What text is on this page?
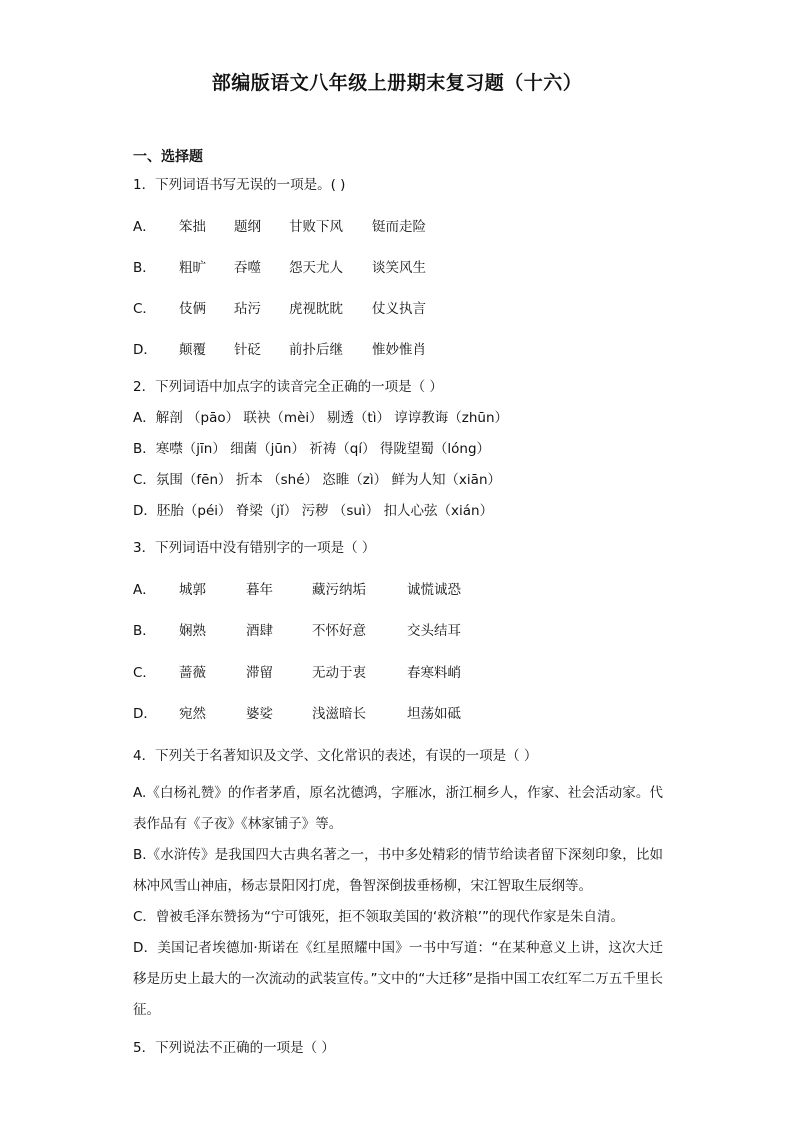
部编版语文八年级上册期末复习题（十六）
一、选择题
1．下列词语书写无误的一项是。( )
A． 笨拙 题纲 甘败下风 铤而走险
B． 粗旷 吞噬 怨天尤人 谈笑风生
C． 伎俩 玷污 虎视眈眈 仗义执言
D． 颠覆 针砭 前扑后继 惟妙惟肖
2．下列词语中加点字的读音完全正确的一项是（ ）
A．解剖 （pāo） 联袂（mèi） 剔透（tì） 谆谆教诲（zhūn）
B．寒噤（jīn） 细菌（jūn） 祈祷（qí） 得陇望蜀（lóng）
C．氛围（fēn） 折本 （shé） 恣睢（zì） 鲜为人知（xiān）
D．胚胎（péi） 脊梁（jǐ） 污秽 （suì） 扣人心弦（xián）
3．下列词语中没有错别字的一项是（ ）
A． 城郭	暮年	藏污纳垢	诚慌诚恐
B． 娴熟	酒肆	不怀好意	交头结耳
C． 蔷薇	滞留	无动于衷	春寒料峭
D． 宛然	婆娑	浅滋暗长	坦荡如砥
4．下列关于名著知识及文学、文化常识的表述，有误的一项是（ ）
A.《白杨礼赞》的作者茅盾，原名沈德鸿，字雁冰，浙江桐乡人，作家、社会活动家。代表作品有《子夜》《林家铺子》等。
B.《水浒传》是我国四大古典名著之一，书中多处精彩的情节给读者留下深刻印象，比如林冲风雪山神庙，杨志景阳冈打虎，鲁智深倒拔垂杨柳，宋江智取生辰纲等。
C．曾被毛泽东赞扬为“宁可饿死，拒不领取美国的‘救济粮’”的现代作家是朱自清。
D．美国记者埃德加·斯诺在《红星照耀中国》一书中写道：“在某种意义上讲，这次大迁移是历史上最大的一次流动的武装宣传。”文中的“大迁移”是指中国工农红军二万五千里长征。
5．下列说法不正确的一项是（ ）
